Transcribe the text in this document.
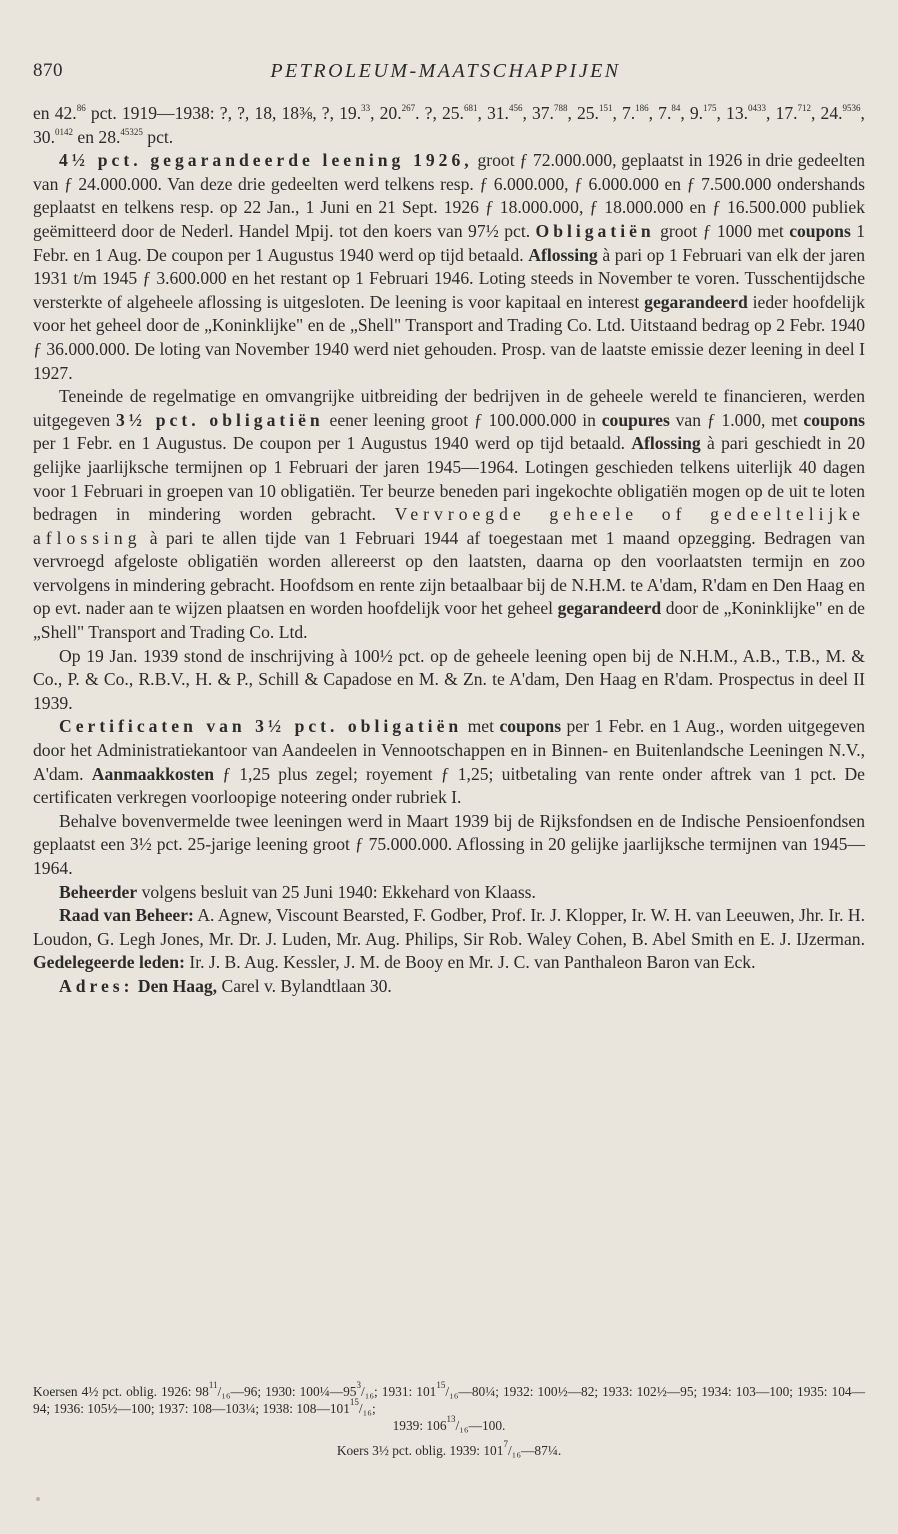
870	PETROLEUM-MAATSCHAPPIJEN

en 42.86 pct. 1919—1938: ?, ?, 18, 18⅜, ?, 19.33, 20.$^{267}$. ?, 25.$^{681}$, 31.$^{456}$, 37.$^{788}$, 25.$^{151}$, 7.$^{186}$, 7.84, 9.$^{175}$, 13.$^{0433}$, 17.$^{712}$, 24.$^{9536}$, 30.$^{0142}$ en 28.$^{45325}$ pct.

4½ pct. gegarandeerde leening 1926, groot ƒ 72.000.000, geplaatst in 1926 in drie gedeelten van ƒ 24.000.000. Van deze drie gedeelten werd telkens resp. ƒ 6.000.000, ƒ 6.000.000 en ƒ 7.500.000 ondershands geplaatst en telkens resp. op 22 Jan., 1 Juni en 21 Sept. 1926 ƒ 18.000.000, ƒ 18.000.000 en ƒ 16.500.000 publiek geëmitteerd door de Nederl. Handel Mpij. tot den koers van 97½ pct. Obligatiën groot ƒ 1000 met coupons 1 Febr. en 1 Aug. De coupon per 1 Augustus 1940 werd op tijd betaald. Aflossing à pari op 1 Februari van elk der jaren 1931 t/m 1945 ƒ 3.600.000 en het restant op 1 Februari 1946. Loting steeds in November te voren. Tusschentijdsche versterkte of algeheele aflossing is uitgesloten. De leening is voor kapitaal en interest gegarandeerd ieder hoofdelijk voor het geheel door de „Koninklijke" en de „Shell" Transport and Trading Co. Ltd. Uitstaand bedrag op 2 Febr. 1940 ƒ 36.000.000. De loting van November 1940 werd niet gehouden. Prosp. van de laatste emissie dezer leening in deel I 1927.

Teneinde de regelmatige en omvangrijke uitbreiding der bedrijven in de geheele wereld te financieren, werden uitgegeven 3½ pct. obligatiën eener leening groot ƒ 100.000.000 in coupures van ƒ 1.000, met coupons per 1 Febr. en 1 Augustus. De coupon per 1 Augustus 1940 werd op tijd betaald. Aflossing à pari geschiedt in 20 gelijke jaarlijksche termijnen op 1 Februari der jaren 1945—1964. Lotingen geschieden telkens uiterlijk 40 dagen voor 1 Februari in groepen van 10 obligatiën. Ter beurze beneden pari ingekochte obligatiën mogen op de uit te loten bedragen in mindering worden gebracht. Vervroegde geheele of gedeeltelijke aflossing à pari te allen tijde van 1 Februari 1944 af toegestaan met 1 maand opzegging. Bedragen van vervroegd afgeloste obligatiën worden allereerst op den laatsten, daarna op den voorlaatsten termijn en zoo vervolgens in mindering gebracht. Hoofdsom en rente zijn betaalbaar bij de N.H.M. te A'dam, R'dam en Den Haag en op evt. nader aan te wijzen plaatsen en worden hoofdelijk voor het geheel gegarandeerd door de „Koninklijke" en de „Shell" Transport and Trading Co. Ltd.

Op 19 Jan. 1939 stond de inschrijving à 100½ pct. op de geheele leening open bij de N.H.M., A.B., T.B., M. & Co., P. & Co., R.B.V., H. & P., Schill & Capadose en M. & Zn. te A'dam, Den Haag en R'dam. Prospectus in deel II 1939.

Certificaten van 3½ pct. obligatiën met coupons per 1 Febr. en 1 Aug., worden uitgegeven door het Administratiekantoor van Aandeelen in Vennootschappen en in Binnen- en Buitenlandsche Leeningen N.V., A'dam. Aanmaakkosten ƒ 1,25 plus zegel; royement ƒ 1,25; uitbetaling van rente onder aftrek van 1 pct. De certificaten verkregen voorloopige noteering onder rubriek I.

Behalve bovenvermelde twee leeningen werd in Maart 1939 bij de Rijksfondsen en de Indische Pensioenfondsen geplaatst een 3½ pct. 25-jarige leening groot ƒ 75.000.000. Aflossing in 20 gelijke jaarlijksche termijnen van 1945—1964.

Beheerder volgens besluit van 25 Juni 1940: Ekkehard von Klaass.

Raad van Beheer: A. Agnew, Viscount Bearsted, F. Godber, Prof. Ir. J. Klopper, Ir. W. H. van Leeuwen, Jhr. Ir. H. Loudon, G. Legh Jones, Mr. Dr. J. Luden, Mr. Aug. Philips, Sir Rob. Waley Cohen, B. Abel Smith en E. J. IJzerman. Gedelegeerde leden: Ir. J. B. Aug. Kessler, J. M. de Booy en Mr. J. C. van Panthaleon Baron van Eck.

Adres: Den Haag, Carel v. Bylandtlaan 30.

Koersen 4½ pct. oblig. 1926: $98^{11}/_{16}—96$; 1930: $100\frac{1}{4}—95^3/_{16}$; 1931: $101^{15}/_{16}—80\frac{1}{4}$; 1932: 100½—82; 1933: 102½—95; 1934: 103—100; 1935: 104—94; 1936: 105½—100; 1937: 108—103¼; 1938: $108—101^{15}/_{16}$;

1939: $106^{13}/_{16}—100$.

Koers 3½ pct. oblig. 1939: $101^7/_{16}—87\frac{1}{4}$.
